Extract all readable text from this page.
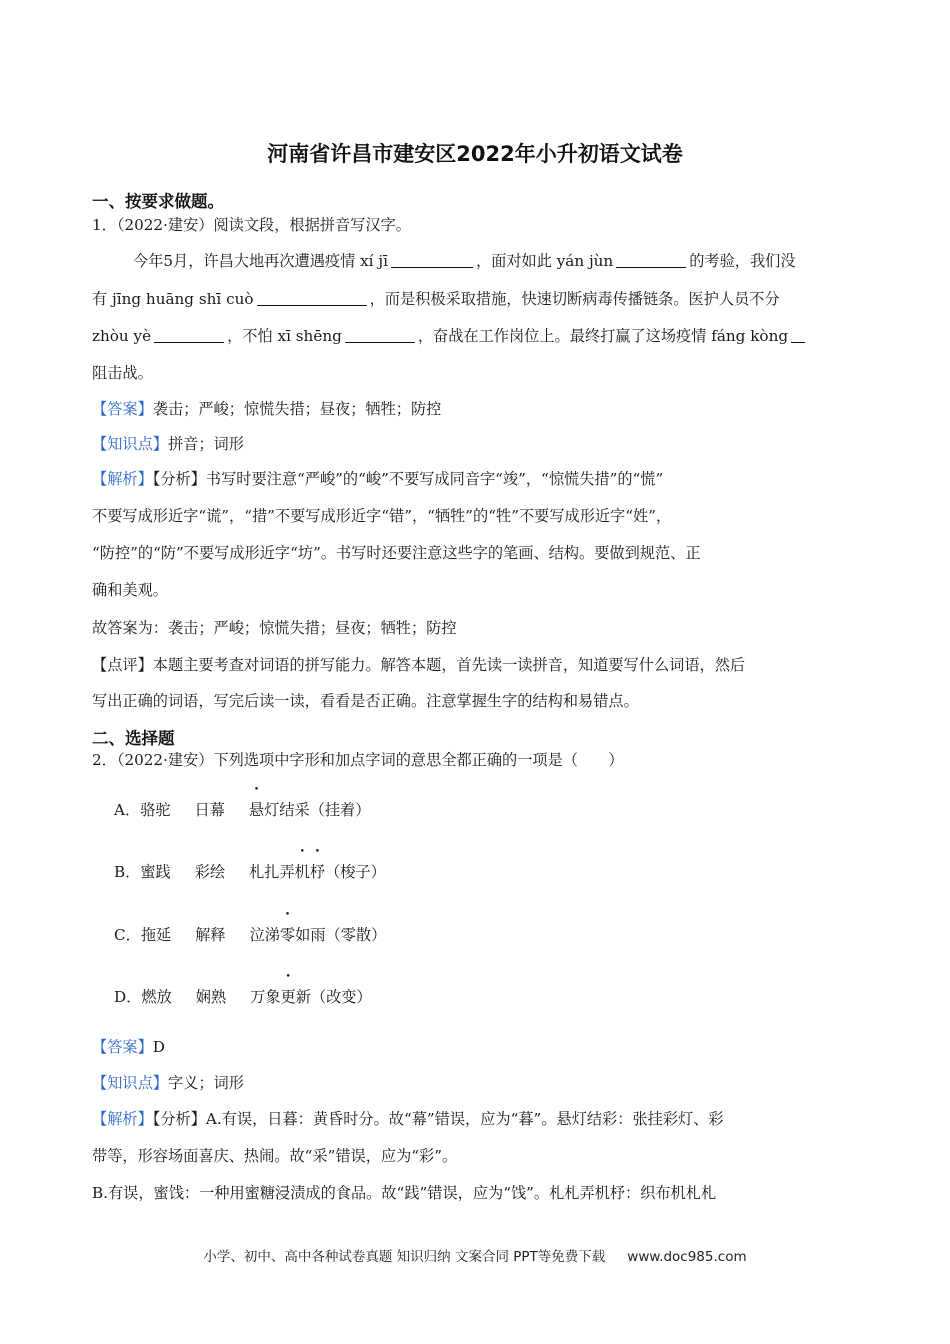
河南省许昌市建安区2022年小升初语文试卷
一、按要求做题。
1．（2022·建安）阅读文段，根据拼音写汉字。
今年5月，许昌大地再次遭遇疫情 xí jī	，面对如此 yán jùn	的考验，我们没
有 jīng huāng shī cuò	，而是积极采取措施，快速切断病毒传播链条。医护人员不分
zhòu yè	，不怕 xī shēng	，奋战在工作岗位上。最终打赢了这场疫情 fáng kòng
阻击战。
【答案】袭击；严峻；惊慌失措；昼夜；牺牲；防控
【知识点】拼音；词形
【解析】【分析】书写时要注意“严峻”的“峻”不要写成同音字“竣”，“惊慌失措”的“慌”
不要写成形近字“谎”，“措”不要写成形近字“错”，“牺牲”的“牲”不要写成形近字“姓”，
“防控”的“防”不要写成形近字“坊”。书写时还要注意这些字的笔画、结构。要做到规范、正
确和美观。
故答案为：袭击；严峻；惊慌失措；昼夜；牺牲；防控
【点评】本题主要考查对词语的拼写能力。解答本题，首先读一读拼音，知道要写什么词语，然后
写出正确的词语，写完后读一读，看看是否正确。注意掌握生字的结构和易错点。
二、选择题
2．（2022·建安）下列选项中字形和加点字词的意思全都正确的一项是（　　）
A．骆驼 日幕 悬灯结采（挂着）
B．蜜践 彩绘 札扎弄机杼（梭子）
C．拖延 解释 泣涕零如雨（零散）
D．燃放 娴熟 万象更新（改变）
【答案】D
【知识点】字义；词形
【解析】【分析】A.有误，日暮：黄昏时分。故“幕”错误，应为“暮”。悬灯结彩：张挂彩灯、彩
带等，形容场面喜庆、热闹。故“采”错误，应为“彩”。
B.有误，蜜饯：一种用蜜糖浸渍成的食品。故“践”错误，应为“饯”。札札弄机杼：织布机札札
小学、初中、高中各种试卷真题 知识归纳 文案合同 PPT等免费下载 www.doc985.com
